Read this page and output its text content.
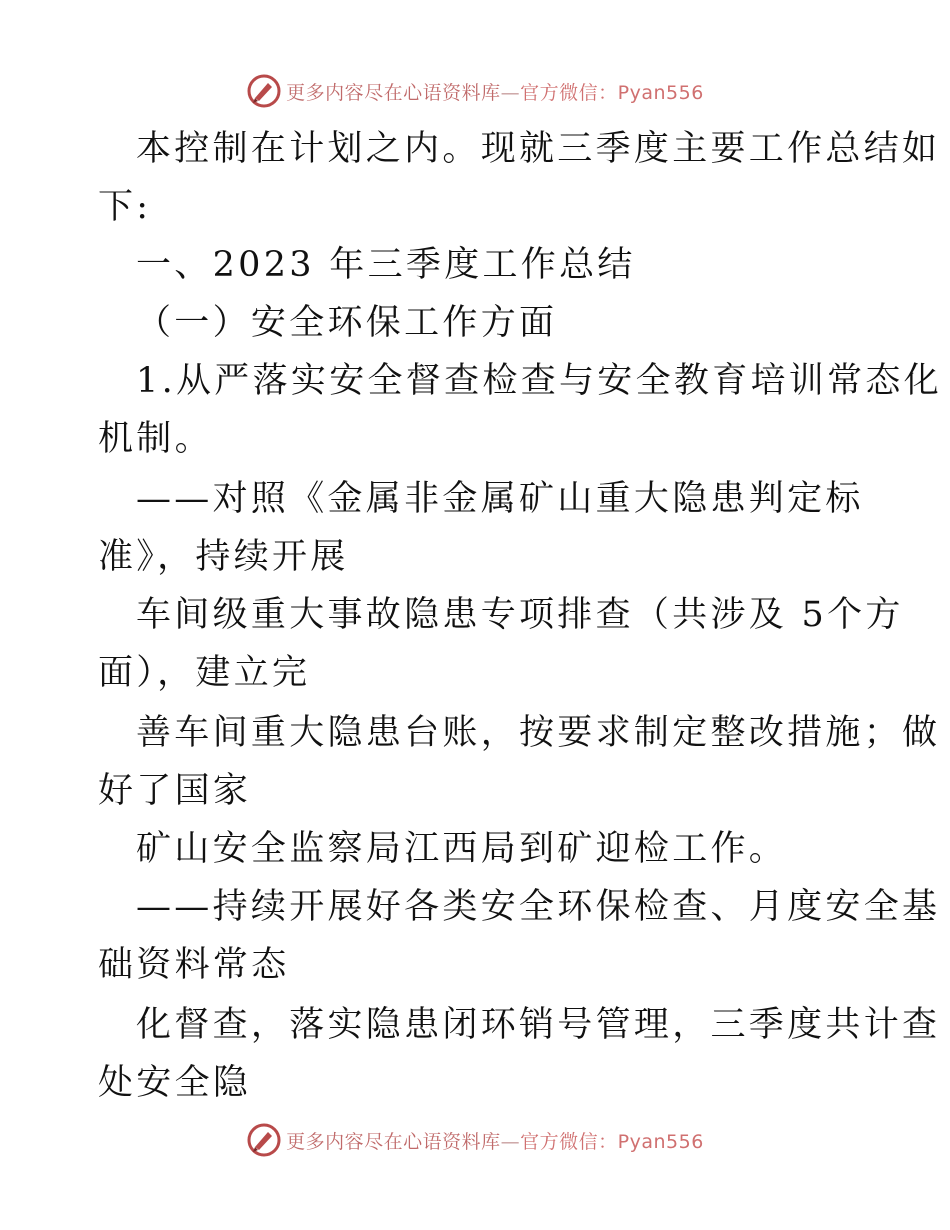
更多内容尽在心语资料库—官方微信：Pyan556
本控制在计划之内。现就三季度主要工作总结如
下:
一、2023 年三季度工作总结
（一）安全环保工作方面
1.从严落实安全督查检查与安全教育培训常态化
机制。
——对照《金属非金属矿山重大隐患判定标
准》，持续开展
车间级重大事故隐患专项排查（共涉及 5个方
面），建立完
善车间重大隐患台账，按要求制定整改措施；做
好了国家
矿山安全监察局江西局到矿迎检工作。
——持续开展好各类安全环保检查、月度安全基
础资料常态
化督查，落实隐患闭环销号管理，三季度共计查
处安全隐
更多内容尽在心语资料库—官方微信：Pyan556
